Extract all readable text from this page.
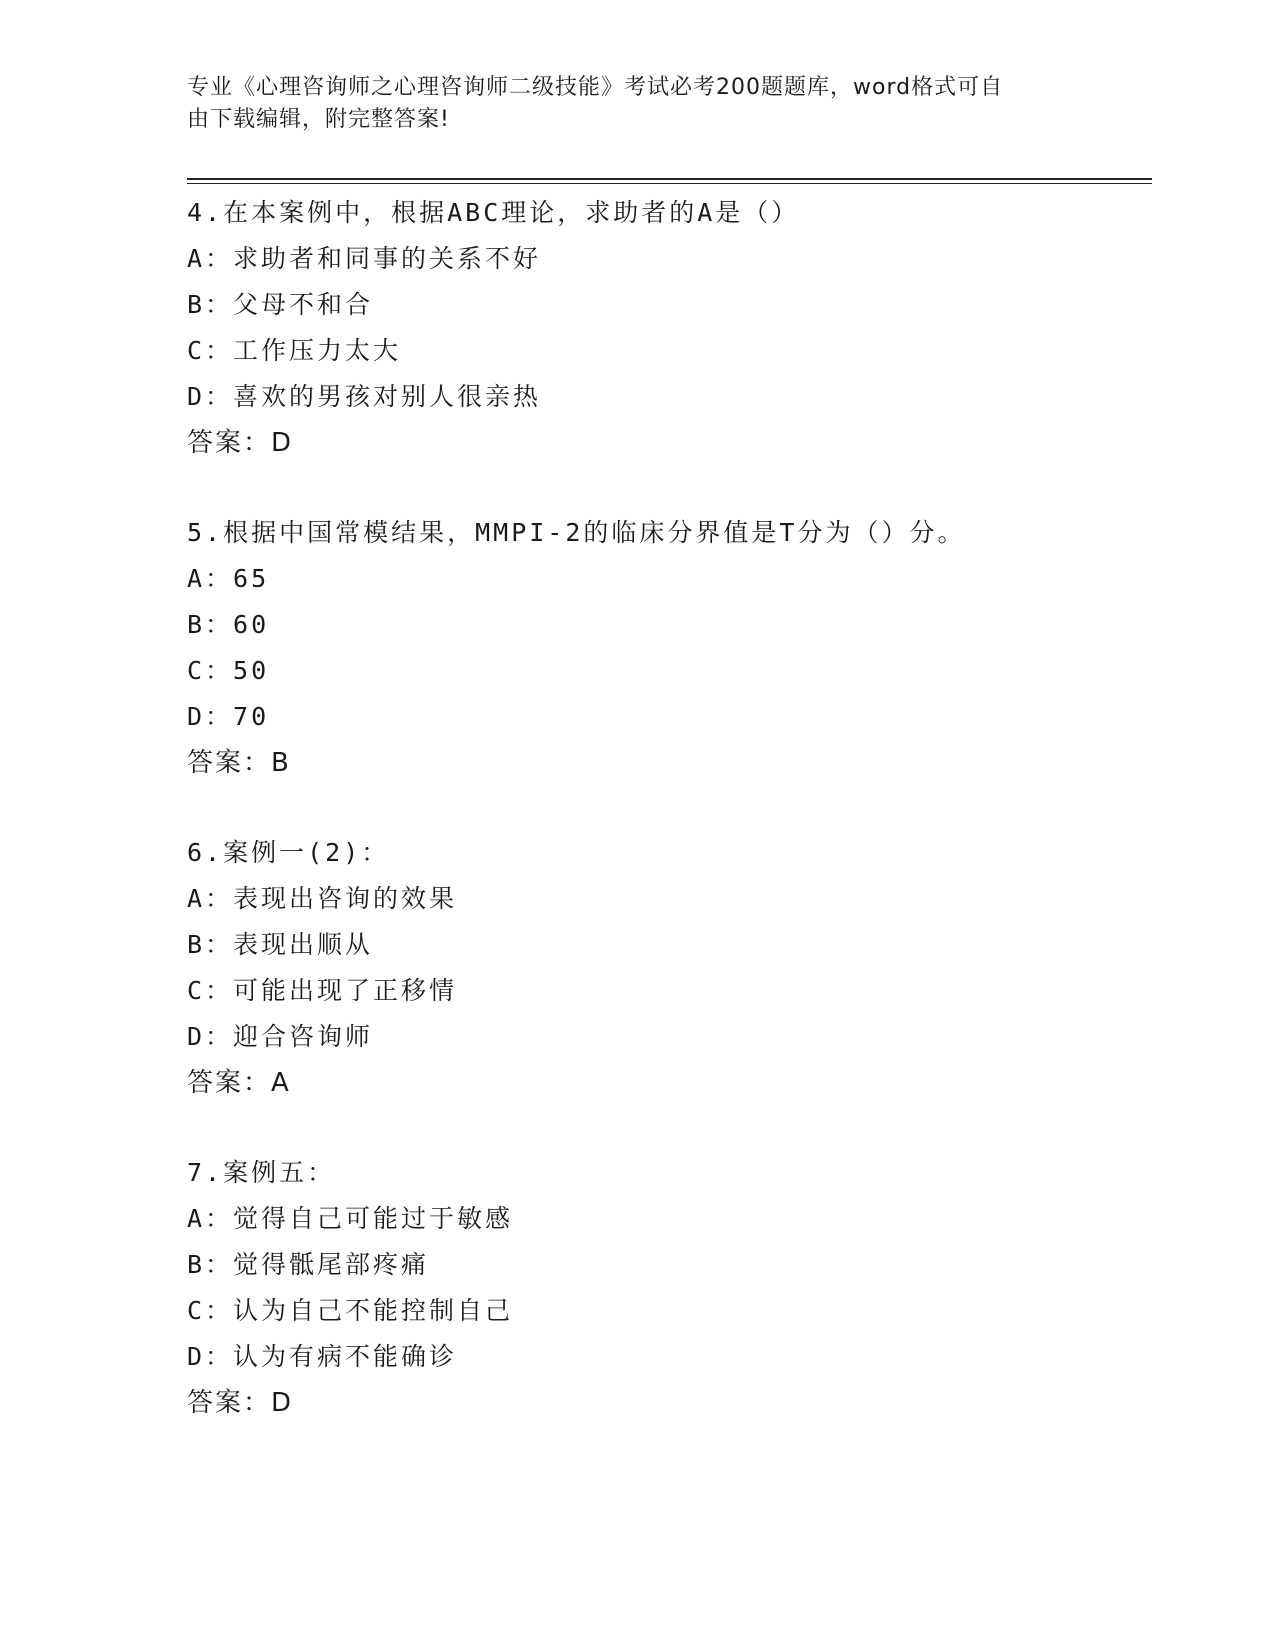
专业《心理咨询师之心理咨询师二级技能》考试必考200题题库，word格式可自
由下载编辑，附完整答案!
4.在本案例中，根据ABC理论，求助者的A是（）
A：求助者和同事的关系不好
B：父母不和合
C：工作压力太大
D：喜欢的男孩对别人很亲热
答案：D
5.根据中国常模结果，MMPI-2的临床分界值是T分为（）分。
A：65
B：60
C：50
D：70
答案：B
6.案例一(2)：
A：表现出咨询的效果
B：表现出顺从
C：可能出现了正移情
D：迎合咨询师
答案：A
7.案例五：
A：觉得自己可能过于敏感
B：觉得骶尾部疼痛
C：认为自己不能控制自己
D：认为有病不能确诊
答案：D
